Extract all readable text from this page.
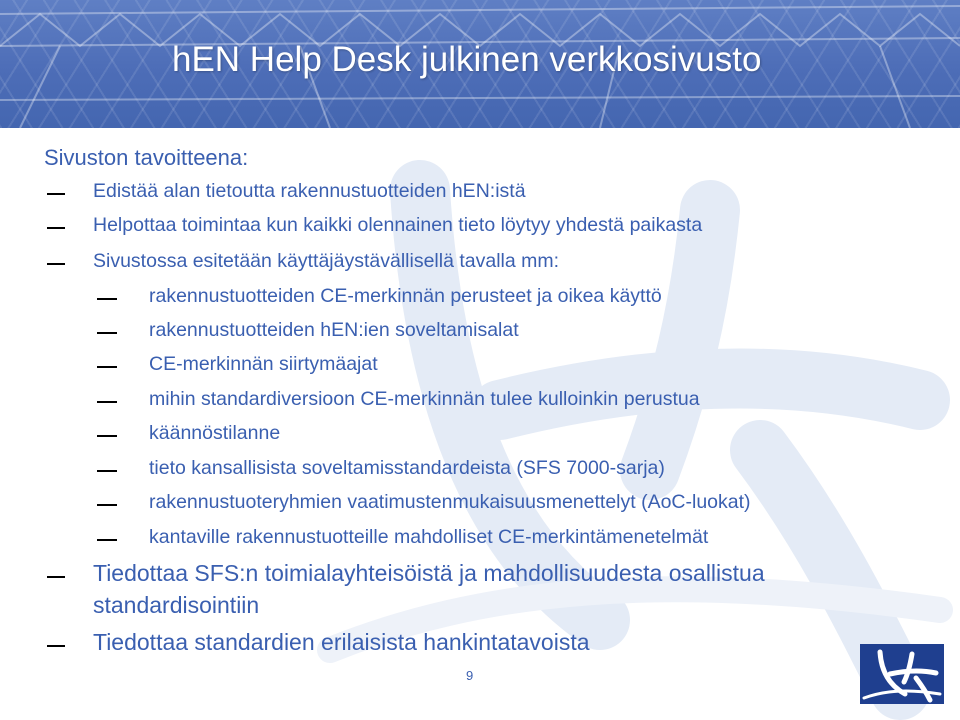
hEN Help Desk julkinen verkkosivusto
Sivuston tavoitteena:
Edistää alan tietoutta rakennustuotteiden hEN:istä
Helpottaa toimintaa kun kaikki olennainen tieto löytyy yhdestä paikasta
Sivustossa esitetään käyttäjäystävällisellä tavalla mm:
rakennustuotteiden CE-merkinnän perusteet ja oikea käyttö
rakennustuotteiden hEN:ien soveltamisalat
CE-merkinnän siirtymäajat
mihin standardiversioon CE-merkinnän tulee kulloinkin perustua
käännöstilanne
tieto kansallisista soveltamisstandardeista (SFS 7000-sarja)
rakennustuoteryhmien vaatimustenmukaisuusmenettelyt (AoC-luokat)
kantaville rakennustuotteille mahdolliset CE-merkintämenetelmät
Tiedottaa SFS:n toimialayhteisöistä ja mahdollisuudesta osallistua
standardisointiin
Tiedottaa standardien erilaisista hankintatavoista
9
